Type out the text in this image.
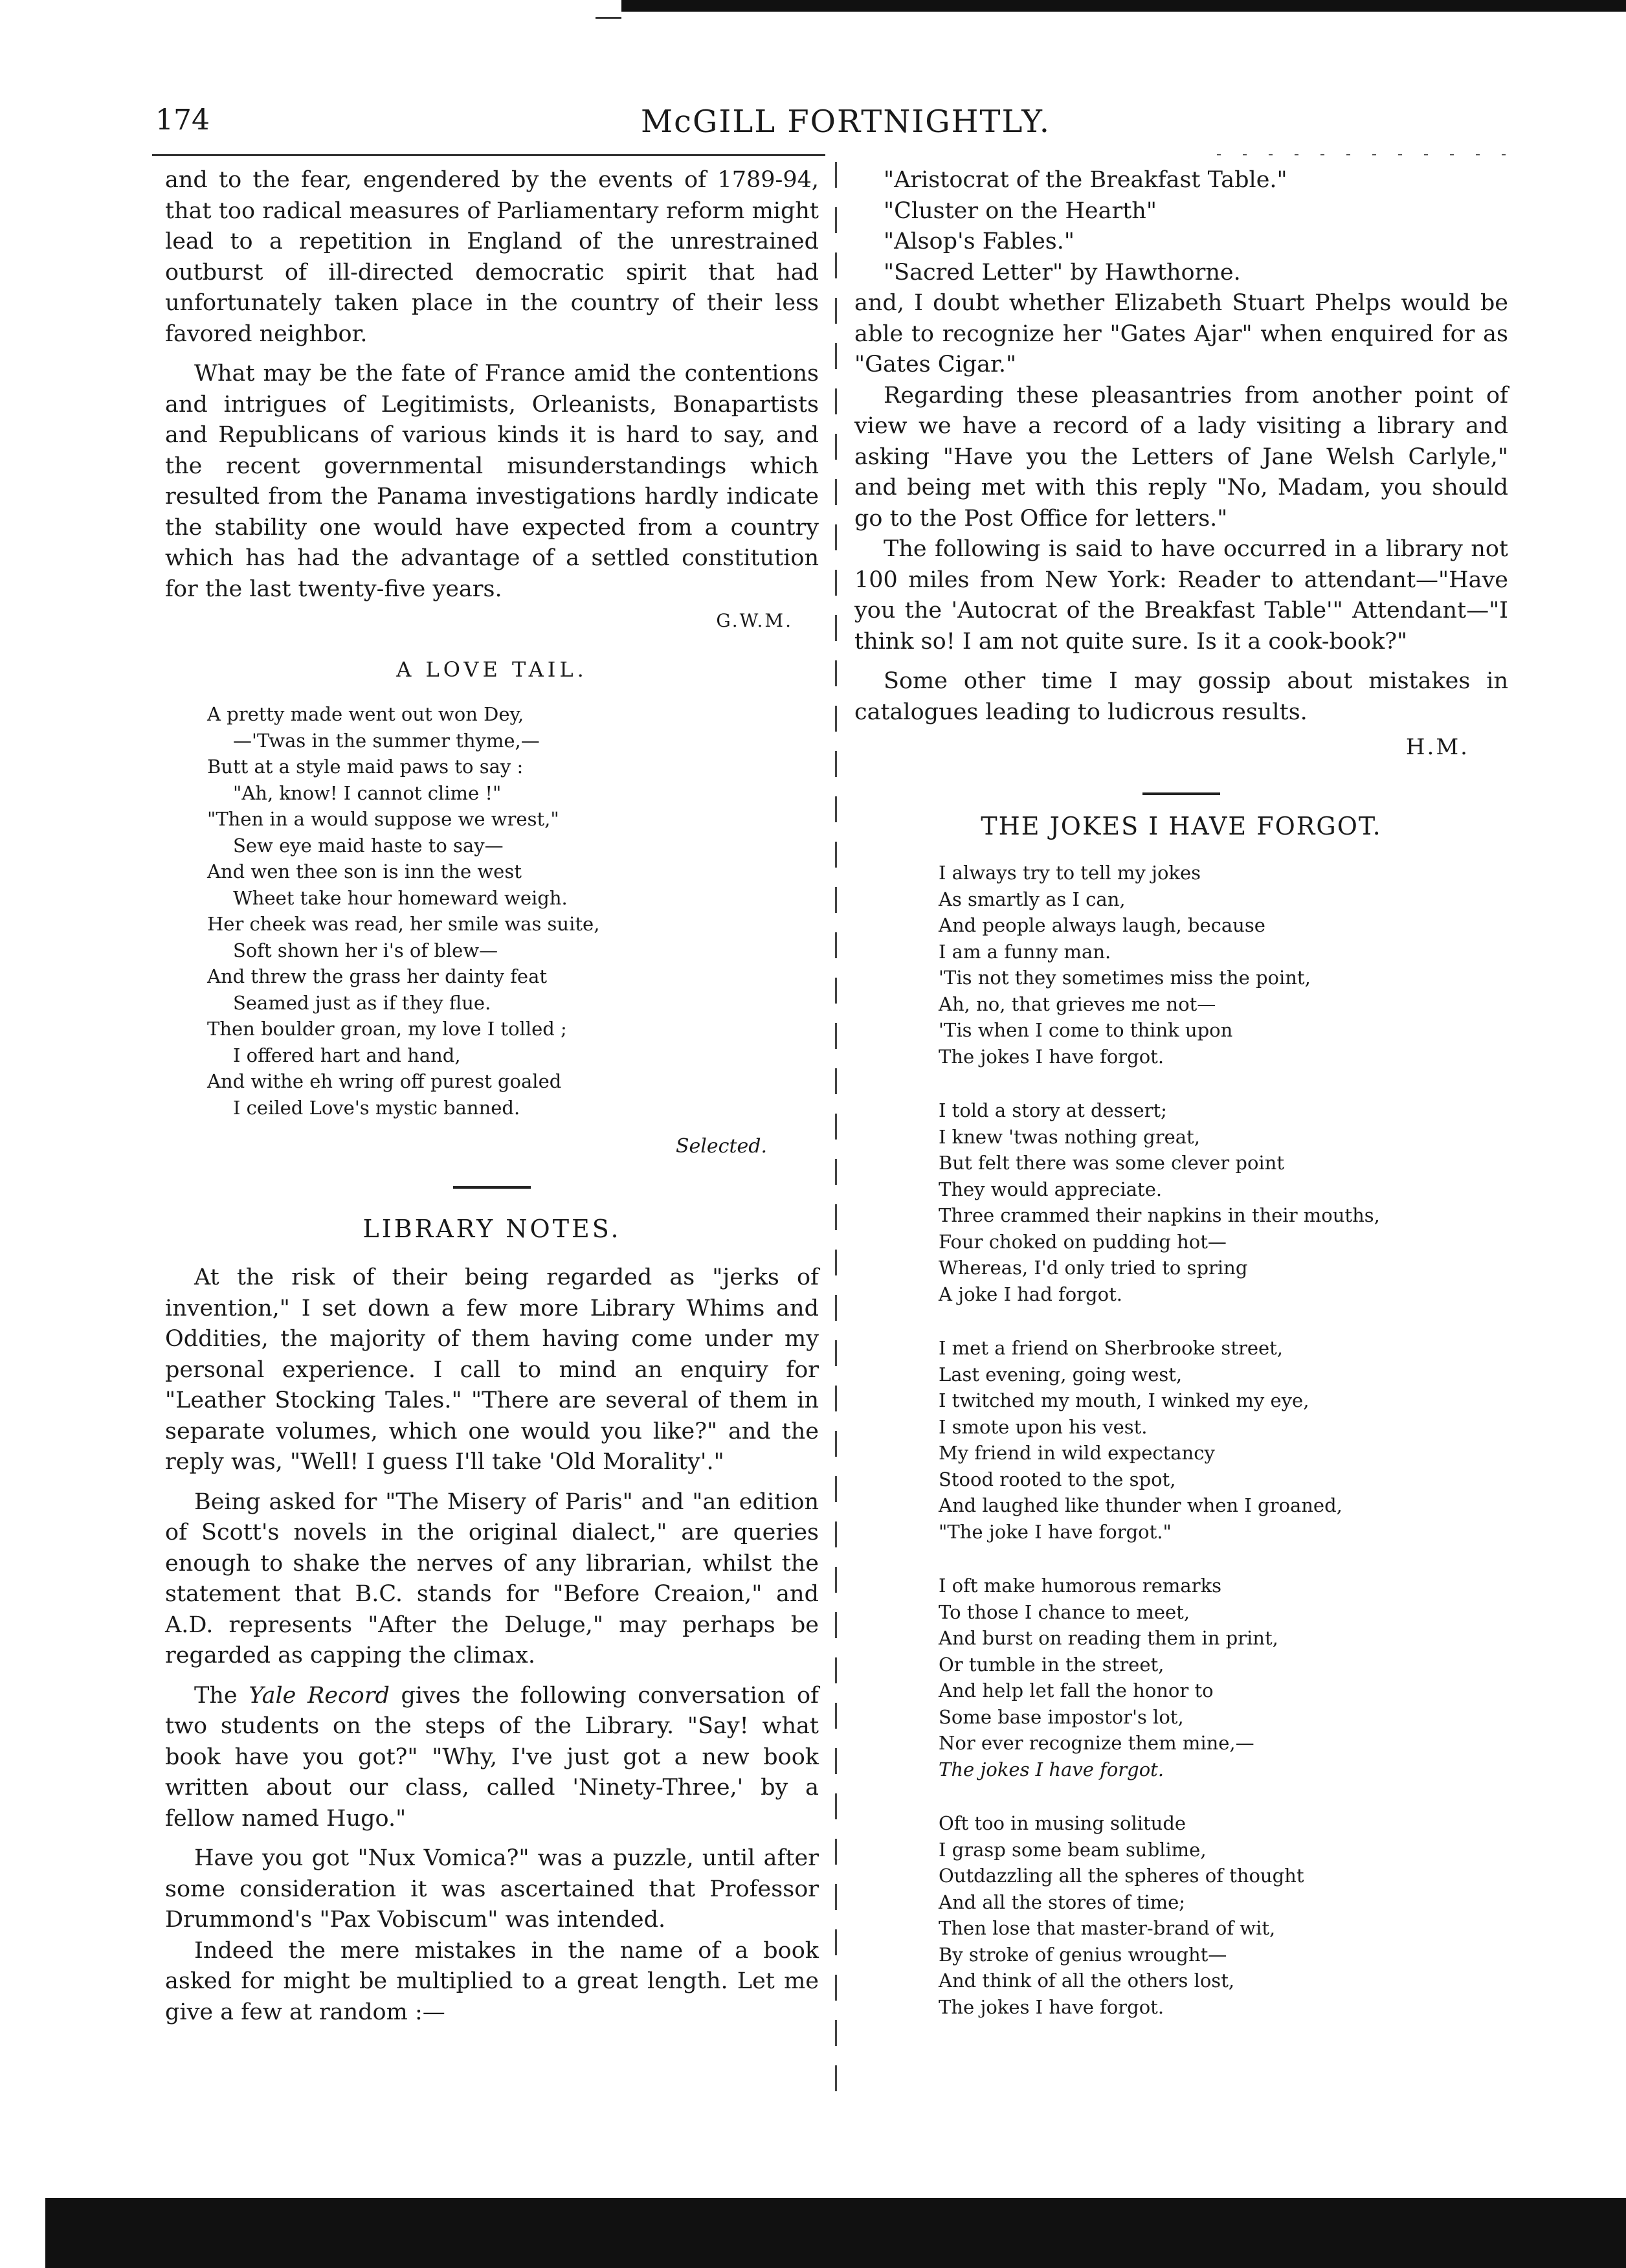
174	McGILL FORTNIGHTLY.

and to the fear, engendered by the events of 1789-94, that too radical measures of Parliamentary reform might lead to a repetition in England of the unrestrained outburst of ill-directed democratic spirit that had unfortunately taken place in the country of their less favored neighbor.

What may be the fate of France amid the contentions and intrigues of Legitimists, Orleanists, Bonapartists and Republicans of various kinds it is hard to say, and the recent governmental misunderstandings which resulted from the Panama investigations hardly indicate the stability one would have expected from a country which has had the advantage of a settled constitution for the last twenty-five years.

G.W.M.
A LOVE TAIL.
A pretty made went out won Dey,
—'Twas in the summer thyme,—
Butt at a style maid paws to say :
"Ah, know! I cannot clime !"
"Then in a would suppose we wrest,"
Sew eye maid haste to say—
And wen thee son is inn the west
Wheet take hour homeward weigh.
Her cheek was read, her smile was suite,
Soft shown her i's of blew—
And threw the grass her dainty feat
Seamed just as if they flue.
Then boulder groan, my love I tolled ;
I offered hart and hand,
And withe eh wring off purest goaled
I ceiled Love's mystic banned.
Selected.
LIBRARY NOTES.

At the risk of their being regarded as "jerks of invention," I set down a few more Library Whims and Oddities, the majority of them having come under my personal experience. I call to mind an enquiry for "Leather Stocking Tales." "There are several of them in separate volumes, which one would you like?" and the reply was, "Well! I guess I'll take 'Old Morality'."

Being asked for "The Misery of Paris" and "an edition of Scott's novels in the original dialect," are queries enough to shake the nerves of any librarian, whilst the statement that B.C. stands for "Before Creaion," and A.D. represents "After the Deluge," may perhaps be regarded as capping the climax.

The Yale Record gives the following conversation of two students on the steps of the Library. "Say! what book have you got?" "Why, I've just got a new book written about our class, called 'Ninety-Three,' by a fellow named Hugo."

Have you got "Nux Vomica?" was a puzzle, until after some consideration it was ascertained that Professor Drummond's "Pax Vobiscum" was intended.

Indeed the mere mistakes in the name of a book asked for might be multiplied to a great length. Let me give a few at random :—

"Aristocrat of the Breakfast Table."

"Cluster on the Hearth"

"Alsop's Fables."

"Sacred Letter" by Hawthorne.

and, I doubt whether Elizabeth Stuart Phelps would be able to recognize her "Gates Ajar" when enquired for as "Gates Cigar."

Regarding these pleasantries from another point of view we have a record of a lady visiting a library and asking "Have you the Letters of Jane Welsh Carlyle," and being met with this reply "No, Madam, you should go to the Post Office for letters."

The following is said to have occurred in a library not 100 miles from New York: Reader to attendant—"Have you the 'Autocrat of the Breakfast Table'" Attendant—"I think so! I am not quite sure. Is it a cook-book?"

Some other time I may gossip about mistakes in catalogues leading to ludicrous results.

H.M.
THE JOKES I HAVE FORGOT.
I always try to tell my jokes
As smartly as I can,
And people always laugh, because
I am a funny man.
'Tis not they sometimes miss the point,
Ah, no, that grieves me not—
'Tis when I come to think upon
The jokes I have forgot.
I told a story at dessert;
I knew 'twas nothing great,
But felt there was some clever point
They would appreciate.
Three crammed their napkins in their mouths,
Four choked on pudding hot—
Whereas, I'd only tried to spring
A joke I had forgot.
I met a friend on Sherbrooke street,
Last evening, going west,
I twitched my mouth, I winked my eye,
I smote upon his vest.
My friend in wild expectancy
Stood rooted to the spot,
And laughed like thunder when I groaned,
"The joke I have forgot."
I oft make humorous remarks
To those I chance to meet,
And burst on reading them in print,
Or tumble in the street,
And help let fall the honor to
Some base impostor's lot,
Nor ever recognize them mine,—
The jokes I have forgot.
Oft too in musing solitude
I grasp some beam sublime,
Outdazzling all the spheres of thought
And all the stores of time;
Then lose that master-brand of wit,
By stroke of genius wrought—
And think of all the others lost,
The jokes I have forgot.
